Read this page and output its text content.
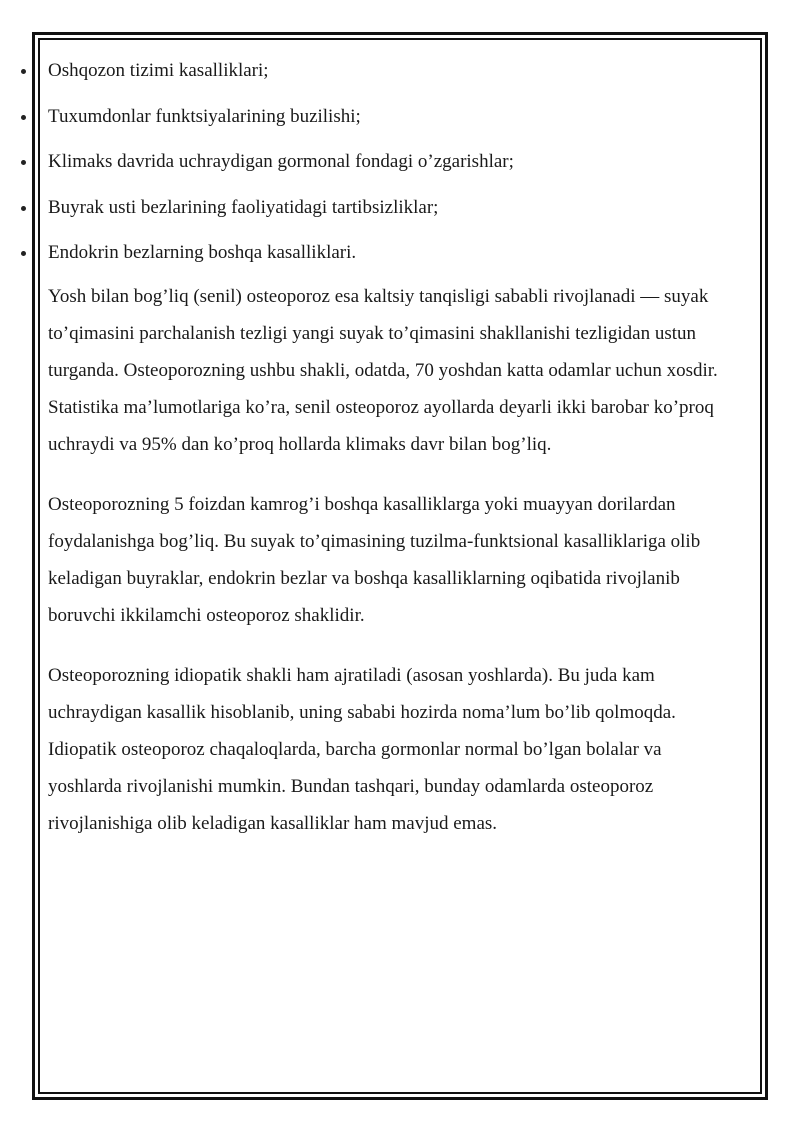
Oshqozon tizimi kasalliklari;
Tuxumdonlar funktsiyalarining buzilishi;
Klimaks davrida uchraydigan gormonal fondagi o’zgarishlar;
Buyrak usti bezlarining faoliyatidagi tartibsizliklar;
Endokrin bezlarning boshqa kasalliklari.

Yosh bilan bog’liq (senil) osteoporoz esa kaltsiy tanqisligi sababli rivojlanadi — suyak to’qimasini parchalanish tezligi yangi suyak to’qimasini shakllanishi tezligidan ustun turganda. Osteoporozning ushbu shakli, odatda, 70 yoshdan katta odamlar uchun xosdir. Statistika ma’lumotlariga ko’ra, senil osteoporoz ayollarda deyarli ikki barobar ko’proq uchraydi va 95% dan ko’proq hollarda klimaks davr bilan bog’liq.

Osteoporozning 5 foizdan kamrog’i boshqa kasalliklarga yoki muayyan dorilardan foydalanishga bog’liq. Bu suyak to’qimasining tuzilma-funktsional kasalliklariga olib keladigan buyraklar, endokrin bezlar va boshqa kasalliklarning oqibatida rivojlanib boruvchi ikkilamchi osteoporoz shaklidir.

Osteoporozning idiopatik shakli ham ajratiladi (asosan yoshlarda). Bu juda kam uchraydigan kasallik hisoblanib, uning sababi hozirda noma’lum bo’lib qolmoqda. Idiopatik osteoporoz chaqaloqlarda, barcha gormonlar normal bo’lgan bolalar va yoshlarda rivojlanishi mumkin. Bundan tashqari, bunday odamlarda osteoporoz rivojlanishiga olib keladigan kasalliklar ham mavjud emas.
